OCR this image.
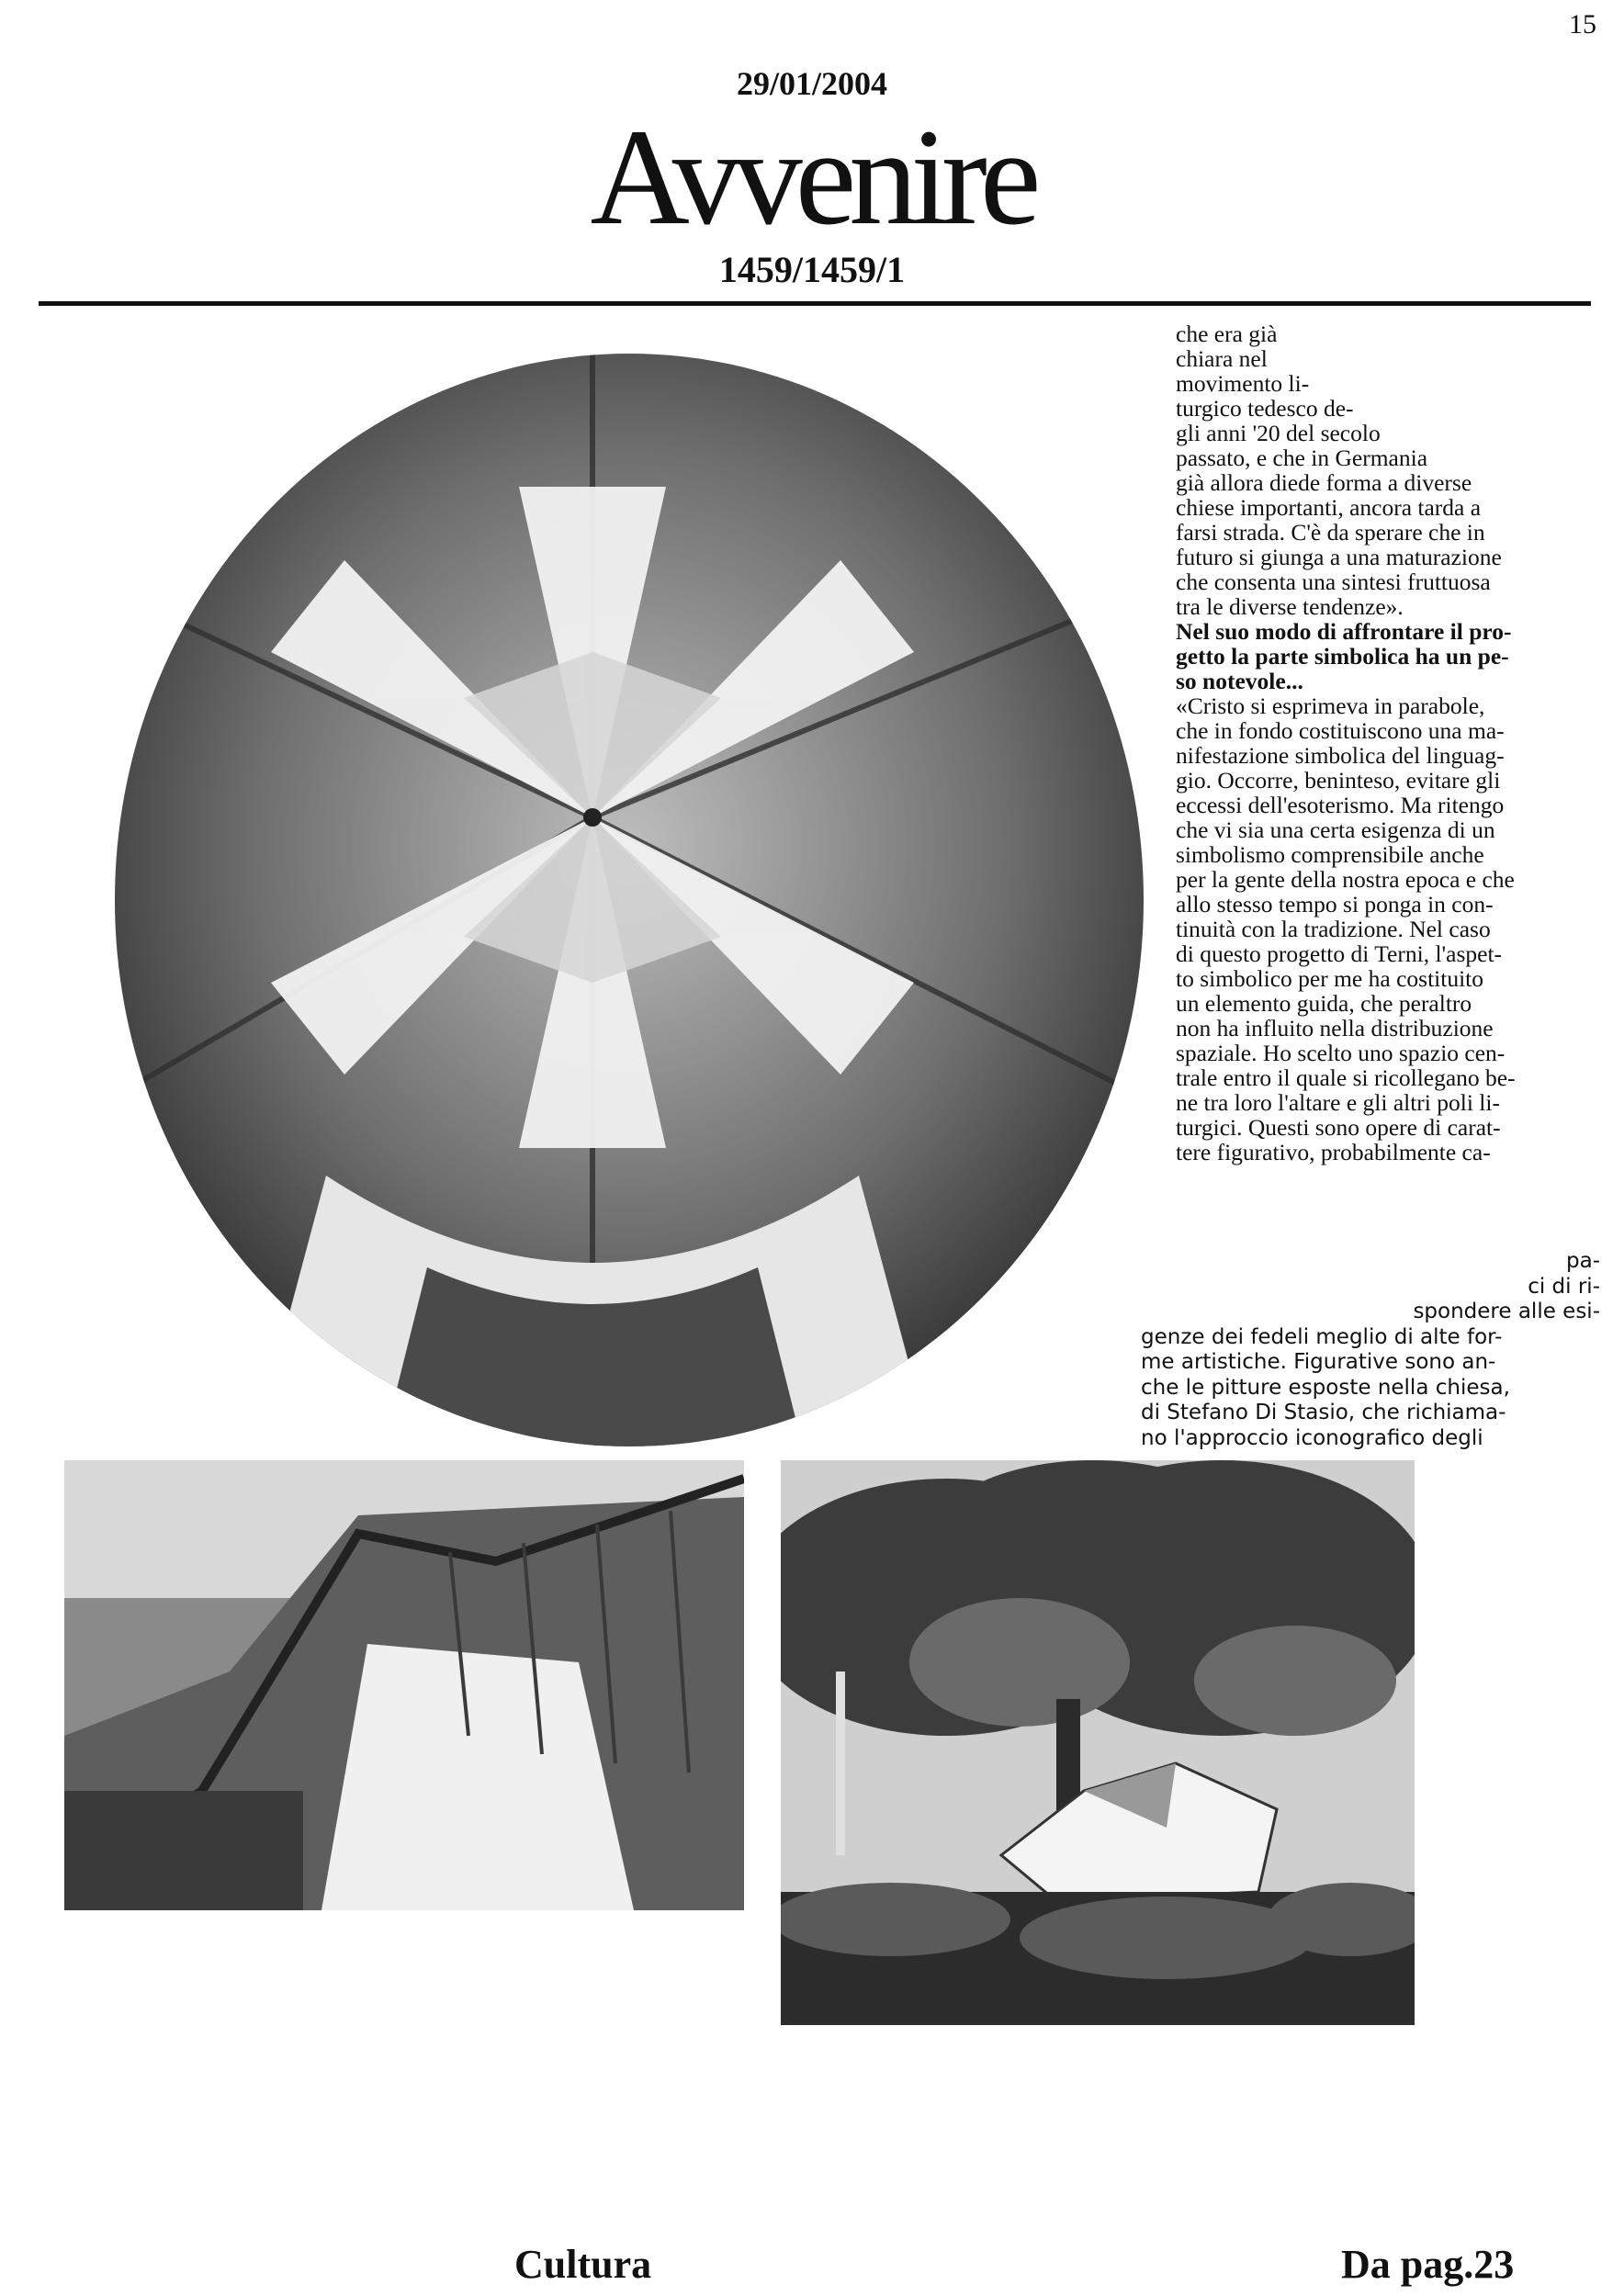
15
29/01/2004
Avvenire
1459/1459/1

che era già

chiara nel

movimento li-

turgico tedesco de-

gli anni '20 del secolo

passato, e che in Germania

già allora diede forma a diverse

chiese importanti, ancora tarda a

farsi strada. C'è da sperare che in

futuro si giunga a una maturazione

che consenta una sintesi fruttuosa

tra le diverse tendenze».

Nel suo modo di affrontare il pro-

getto la parte simbolica ha un pe-

so notevole...

«Cristo si esprimeva in parabole,

che in fondo costituiscono una ma-

nifestazione simbolica del linguag-

gio. Occorre, beninteso, evitare gli

eccessi dell'esoterismo. Ma ritengo

che vi sia una certa esigenza di un

simbolismo comprensibile anche

per la gente della nostra epoca e che

allo stesso tempo si ponga in con-

tinuità con la tradizione. Nel caso

di questo progetto di Terni, l'aspet-

to simbolico per me ha costituito

un elemento guida, che peraltro

non ha influito nella distribuzione

spaziale. Ho scelto uno spazio cen-

trale entro il quale si ricollegano be-

ne tra loro l'altare e gli altri poli li-

turgici. Questi sono opere di carat-

tere figurativo, probabilmente ca-

pa-

ci di ri-

spondere alle esi-

genze dei fedeli meglio di alte for-

me artistiche. Figurative sono an-

che le pitture esposte nella chiesa,

di Stefano Di Stasio, che richiama-

no l'approccio iconografico degli

Cultura	Da pag.23
